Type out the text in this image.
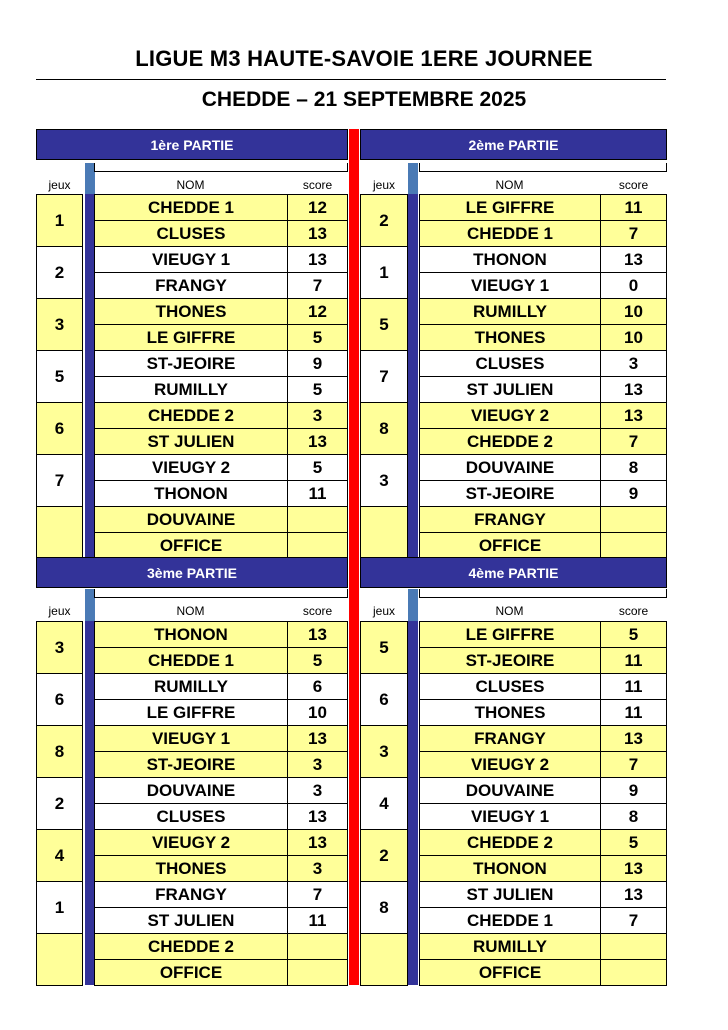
LIGUE M3 HAUTE-SAVOIE 1ERE JOURNEE
CHEDDE – 21 SEPTEMBRE 2025
1ère PARTIE
jeux	NOM	score
1
CHEDDE 1	12
CLUSES	13
2
VIEUGY 1	13
FRANGY	7
3
THONES	12
LE GIFFRE	5
5
ST-JEOIRE	9
RUMILLY	5
6
CHEDDE 2	3
ST JULIEN	13
7
VIEUGY 2	5
THONON	11
DOUVAINE
OFFICE
2ème PARTIE
jeux	NOM	score
2
LE GIFFRE	11
CHEDDE 1	7
1
THONON	13
VIEUGY 1	0
5
RUMILLY	10
THONES	10
7
CLUSES	3
ST JULIEN	13
8
VIEUGY 2	13
CHEDDE 2	7
3
DOUVAINE	8
ST-JEOIRE	9
FRANGY
OFFICE
3ème PARTIE
jeux	NOM	score
3
THONON	13
CHEDDE 1	5
6
RUMILLY	6
LE GIFFRE	10
8
VIEUGY 1	13
ST-JEOIRE	3
2
DOUVAINE	3
CLUSES	13
4
VIEUGY 2	13
THONES	3
1
FRANGY	7
ST JULIEN	11
CHEDDE 2
OFFICE
4ème PARTIE
jeux	NOM	score
5
LE GIFFRE	5
ST-JEOIRE	11
6
CLUSES	11
THONES	11
3
FRANGY	13
VIEUGY 2	7
4
DOUVAINE	9
VIEUGY 1	8
2
CHEDDE 2	5
THONON	13
8
ST JULIEN	13
CHEDDE 1	7
RUMILLY
OFFICE
